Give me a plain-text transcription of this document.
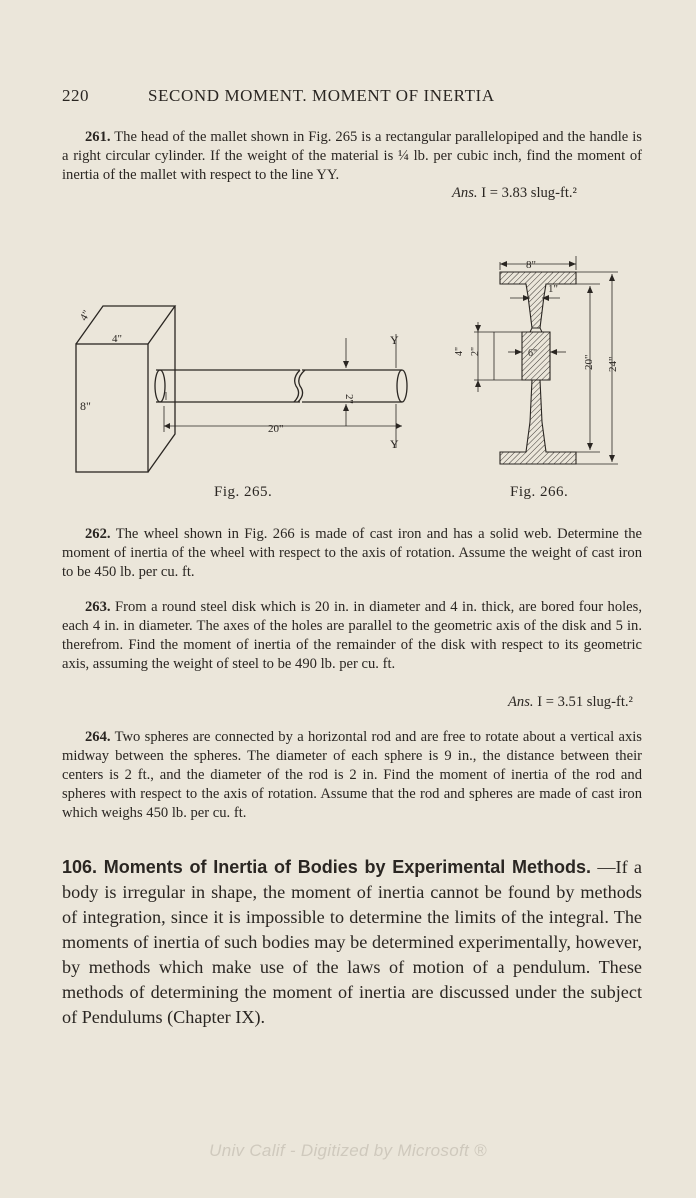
220	SECOND MOMENT. MOMENT OF INERTIA
261. The head of the mallet shown in Fig. 265 is a rectangular parallelopiped and the handle is a right circular cylinder. If the weight of the material is ¼ lb. per cubic inch, find the moment of inertia of the mallet with respect to the line YY.
Ans. I = 3.83 slug-ft.²
4"
4"
8"
20"
2"
Y
Y
8"
1"
4" 2"	6"
20" 24"
Fig. 265.	Fig. 266.
262. The wheel shown in Fig. 266 is made of cast iron and has a solid web. Determine the moment of inertia of the wheel with respect to the axis of rotation. Assume the weight of cast iron to be 450 lb. per cu. ft.
263. From a round steel disk which is 20 in. in diameter and 4 in. thick, are bored four holes, each 4 in. in diameter. The axes of the holes are parallel to the geometric axis of the disk and 5 in. therefrom. Find the moment of inertia of the remainder of the disk with respect to its geometric axis, assuming the weight of steel to be 490 lb. per cu. ft.
Ans. I = 3.51 slug-ft.²
264. Two spheres are connected by a horizontal rod and are free to rotate about a vertical axis midway between the spheres. The diameter of each sphere is 9 in., the distance between their centers is 2 ft., and the diameter of the rod is 2 in. Find the moment of inertia of the rod and spheres with respect to the axis of rotation. Assume that the rod and spheres are made of cast iron which weighs 450 lb. per cu. ft.
106. Moments of Inertia of Bodies by Experimental Methods. —If a body is irregular in shape, the moment of inertia cannot be found by methods of integration, since it is impossible to determine the limits of the integral. The moments of inertia of such bodies may be determined experimentally, however, by methods which make use of the laws of motion of a pendulum. These methods of determining the moment of inertia are discussed under the subject of Pendulums (Chapter IX).
Univ Calif - Digitized by Microsoft ®
